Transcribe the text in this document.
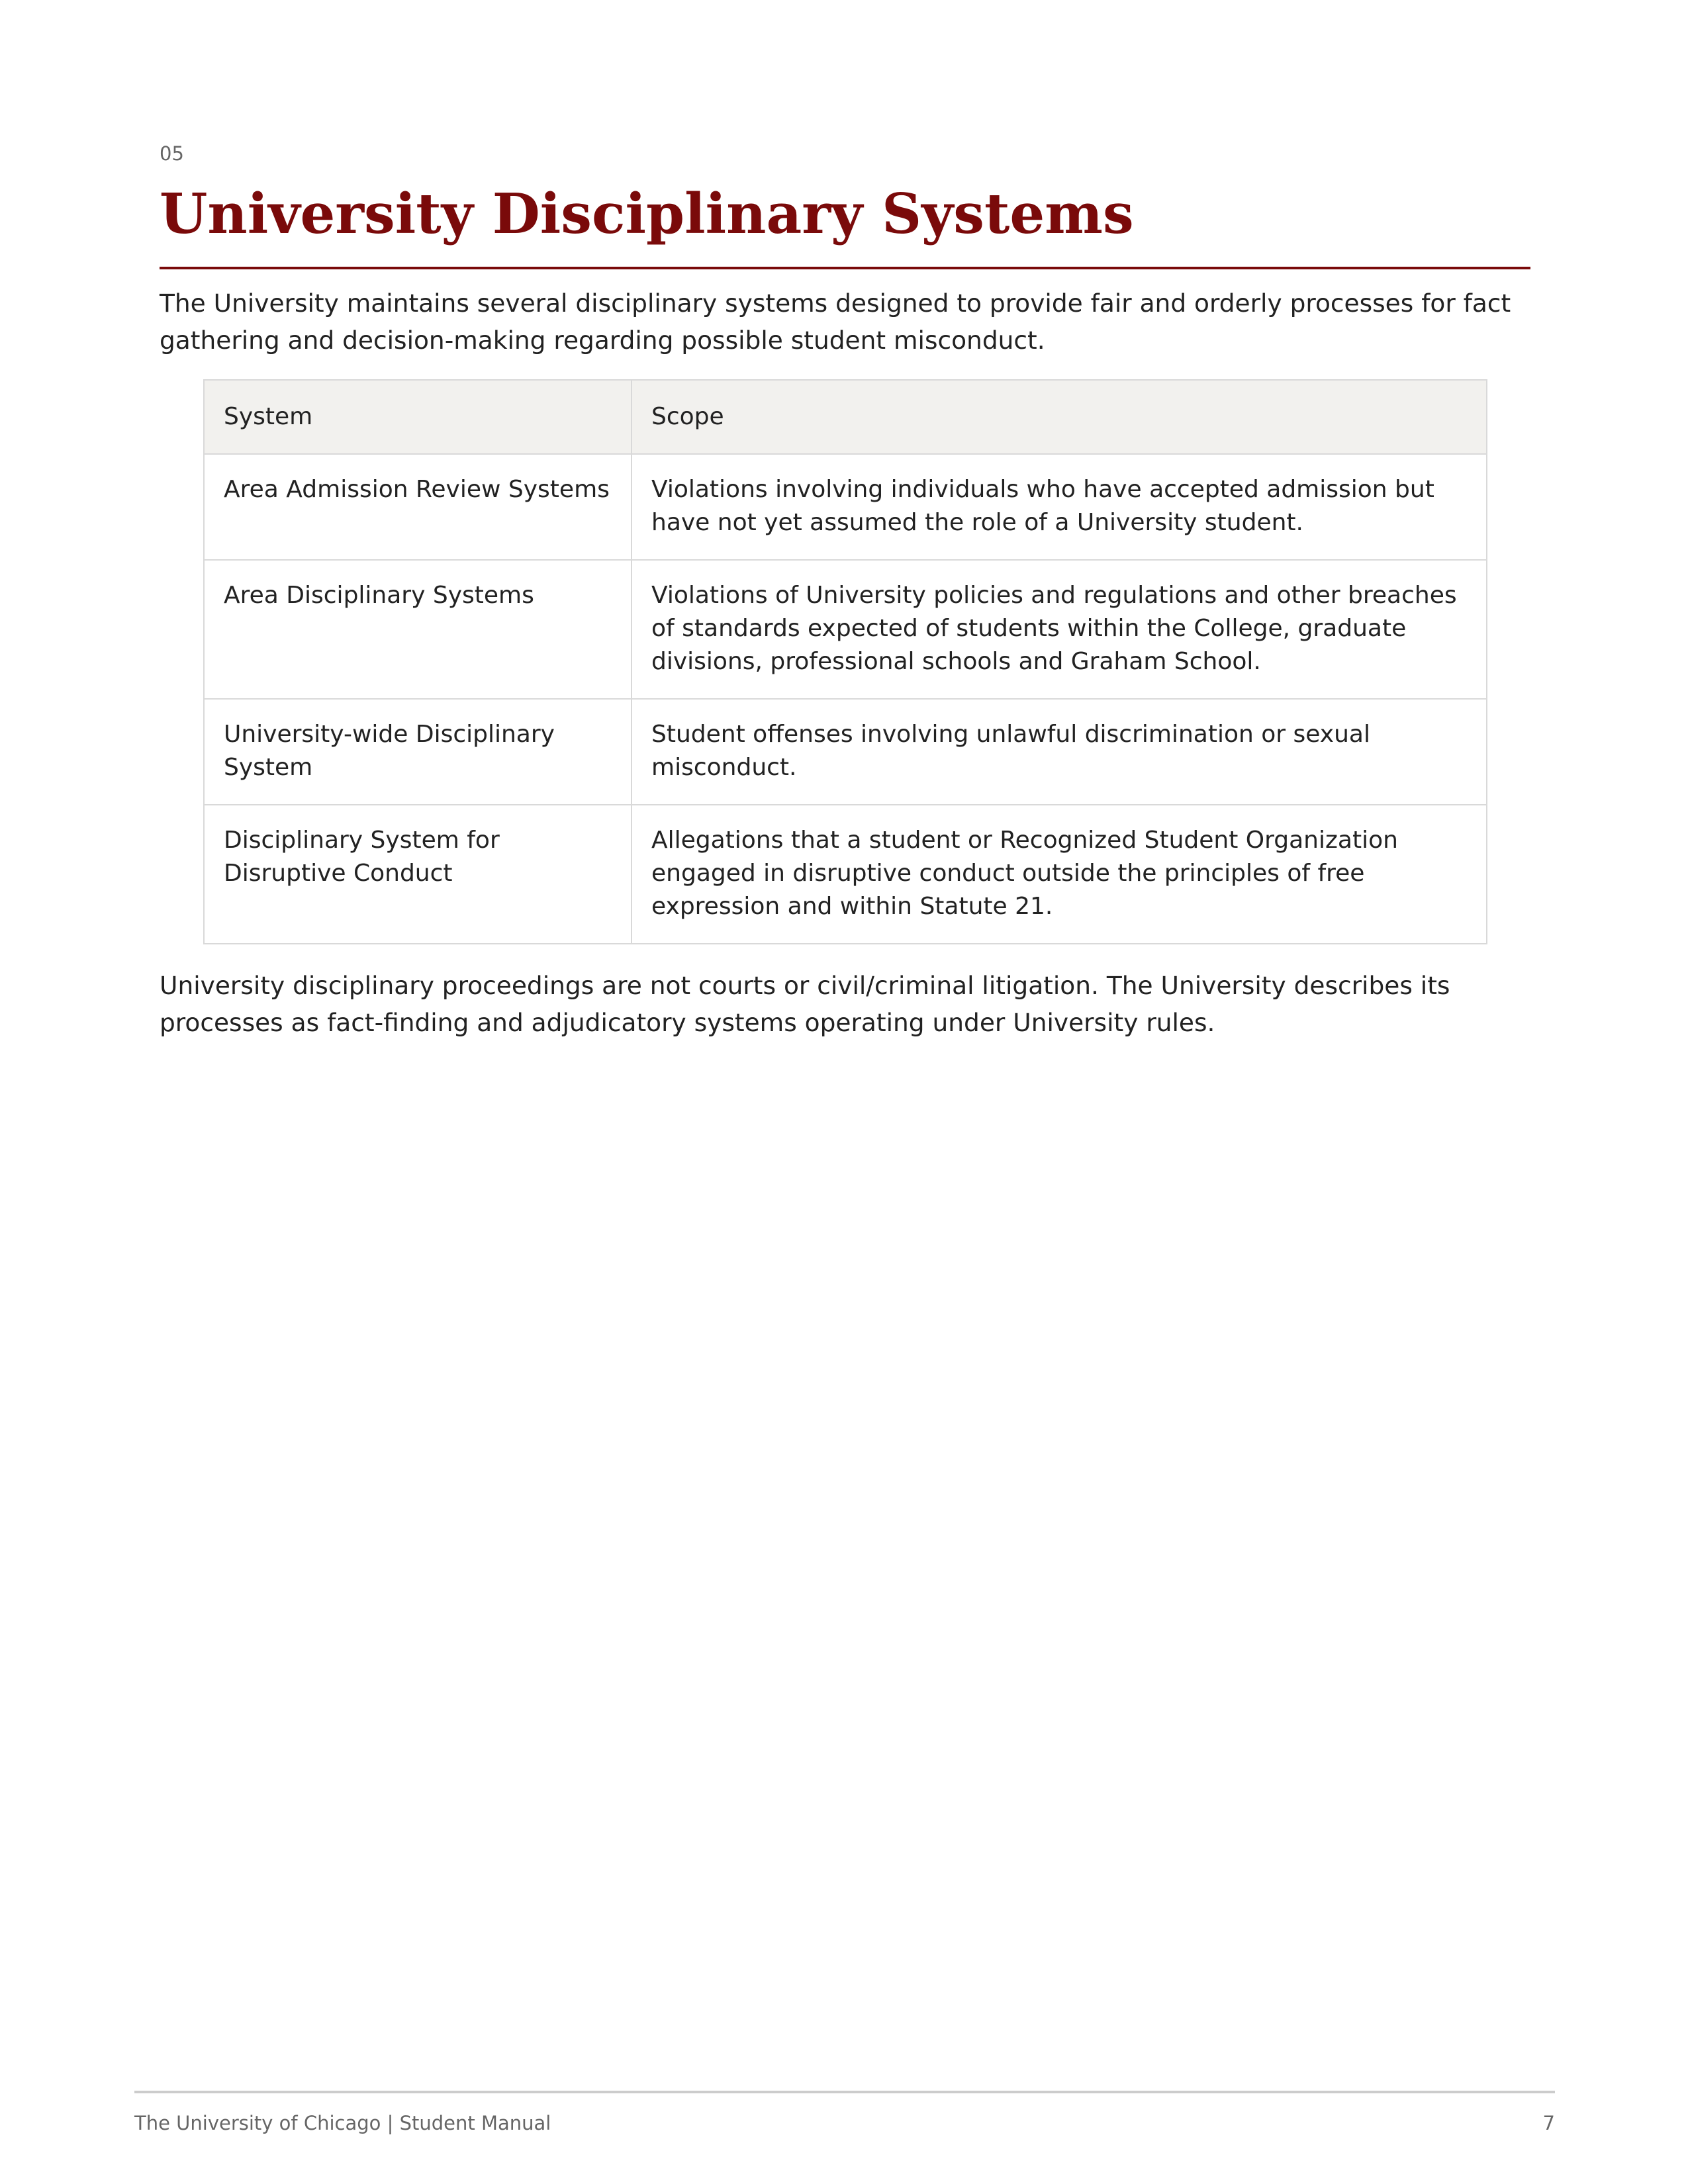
05
University Disciplinary Systems

The University maintains several disciplinary systems designed to provide fair and orderly processes for fact gathering and decision-making regarding possible student misconduct.

System	Scope
Area Admission Review Systems	Violations involving individuals who have accepted admission but have not yet assumed the role of a University student.
Area Disciplinary Systems	Violations of University policies and regulations and other breaches of standards expected of students within the College, graduate divisions, professional schools and Graham School.
University-wide Disciplinary System	Student offenses involving unlawful discrimination or sexual misconduct.
Disciplinary System for Disruptive Conduct	Allegations that a student or Recognized Student Organization engaged in disruptive conduct outside the principles of free expression and within Statute 21.

University disciplinary proceedings are not courts or civil/criminal litigation. The University describes its processes as fact-finding and adjudicatory systems operating under University rules.

The University of Chicago | Student Manual	7
